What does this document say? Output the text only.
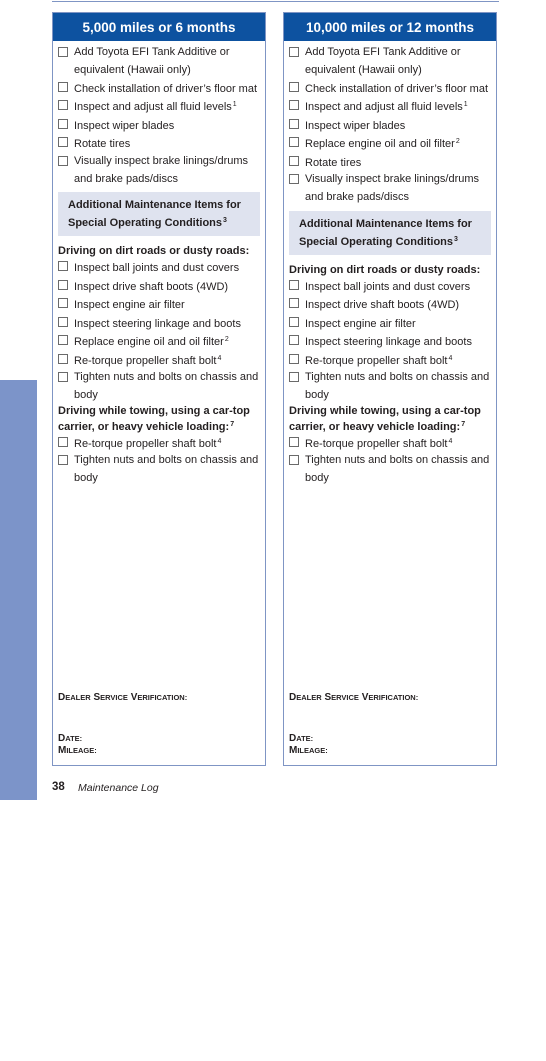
MAINTENANCE
5,000 miles or 6 months
Add Toyota EFI Tank Additive or equivalent (Hawaii only)
Check installation of driver’s floor mat
Inspect and adjust all fluid levels$^1$
Inspect wiper blades
Rotate tires
Visually inspect brake linings/drums and brake pads/discs
Additional Maintenance Items for Special Operating Conditions$^3$
Driving on dirt roads or dusty roads:
Inspect ball joints and dust covers
Inspect drive shaft boots (4WD)
Inspect engine air filter
Inspect steering linkage and boots
Replace engine oil and oil filter$^2$
Re-torque propeller shaft bolt$^4$
Tighten nuts and bolts on chassis and body
Driving while towing, using a car-top carrier, or heavy vehicle loading:$^7$
Re-torque propeller shaft bolt$^4$
Tighten nuts and bolts on chassis and body
DEALER SERVICE VERIFICATION:
DATE:
MILEAGE:
10,000 miles or 12 months
Add Toyota EFI Tank Additive or equivalent (Hawaii only)
Check installation of driver’s floor mat
Inspect and adjust all fluid levels$^1$
Inspect wiper blades
Replace engine oil and oil filter$^2$
Rotate tires
Visually inspect brake linings/drums and brake pads/discs
Additional Maintenance Items for Special Operating Conditions$^3$
Driving on dirt roads or dusty roads:
Inspect ball joints and dust covers
Inspect drive shaft boots (4WD)
Inspect engine air filter
Inspect steering linkage and boots
Re-torque propeller shaft bolt$^4$
Tighten nuts and bolts on chassis and body
Driving while towing, using a car-top carrier, or heavy vehicle loading:$^7$
Re-torque propeller shaft bolt$^4$
Tighten nuts and bolts on chassis and body
DEALER SERVICE VERIFICATION:
DATE:
MILEAGE:
38 Maintenance Log
